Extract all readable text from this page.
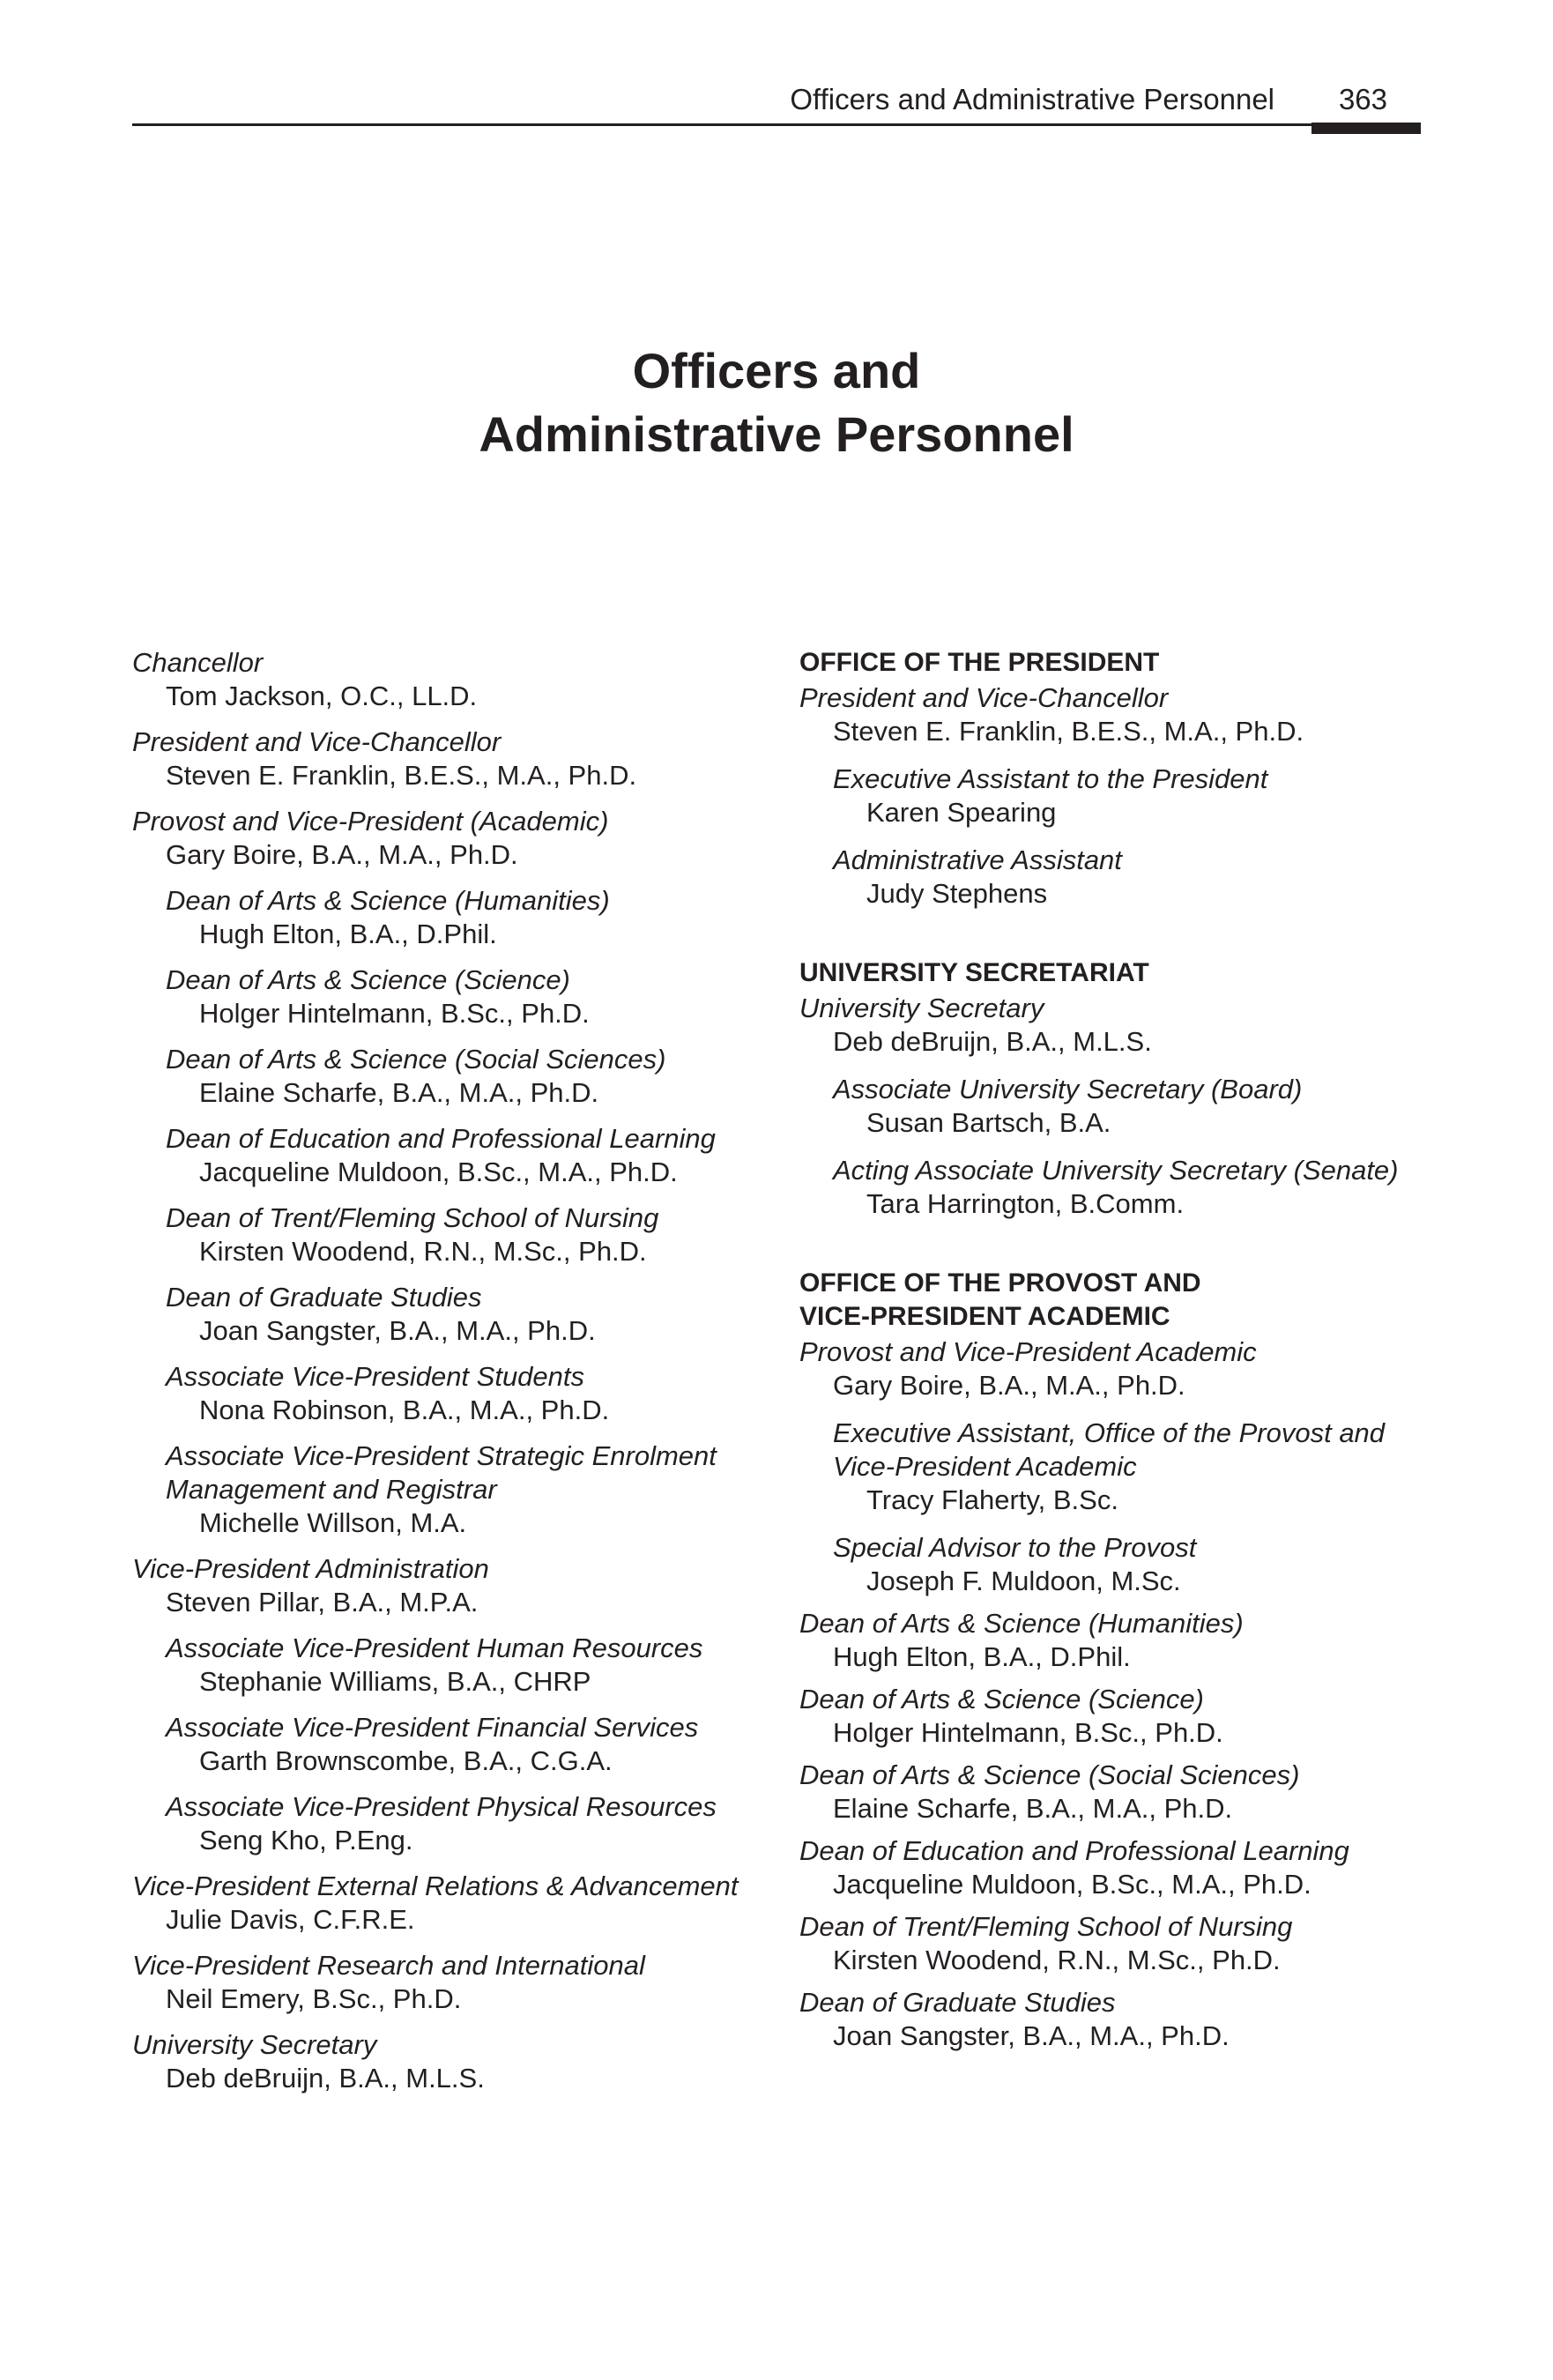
Officers and Administrative Personnel 363
Officers and
Administrative Personnel
Chancellor
Tom Jackson, O.C., LL.D.
President and Vice-Chancellor
Steven E. Franklin, B.E.S., M.A., Ph.D.
Provost and Vice-President (Academic)
Gary Boire, B.A., M.A., Ph.D.
Dean of Arts & Science (Humanities)
Hugh Elton, B.A., D.Phil.
Dean of Arts & Science (Science)
Holger Hintelmann, B.Sc., Ph.D.
Dean of Arts & Science (Social Sciences)
Elaine Scharfe, B.A., M.A., Ph.D.
Dean of Education and Professional Learning
Jacqueline Muldoon, B.Sc., M.A., Ph.D.
Dean of Trent/Fleming School of Nursing
Kirsten Woodend, R.N., M.Sc., Ph.D.
Dean of Graduate Studies
Joan Sangster, B.A., M.A., Ph.D.
Associate Vice-President Students
Nona Robinson, B.A., M.A., Ph.D.
Associate Vice-President Strategic Enrolment
Management and Registrar
Michelle Willson, M.A.
Vice-President Administration
Steven Pillar, B.A., M.P.A.
Associate Vice-President Human Resources
Stephanie Williams, B.A., CHRP
Associate Vice-President Financial Services
Garth Brownscombe, B.A., C.G.A.
Associate Vice-President Physical Resources
Seng Kho, P.Eng.
Vice-President External Relations & Advancement
Julie Davis, C.F.R.E.
Vice-President Research and International
Neil Emery, B.Sc., Ph.D.
University Secretary
Deb deBruijn, B.A., M.L.S.
OFFICE OF THE PRESIDENT
President and Vice-Chancellor
Steven E. Franklin, B.E.S., M.A., Ph.D.
Executive Assistant to the President
Karen Spearing
Administrative Assistant
Judy Stephens
UNIVERSITY SECRETARIAT
University Secretary
Deb deBruijn, B.A., M.L.S.
Associate University Secretary (Board)
Susan Bartsch, B.A.
Acting Associate University Secretary (Senate)
Tara Harrington, B.Comm.
OFFICE OF THE PROVOST AND
VICE-PRESIDENT ACADEMIC
Provost and Vice-President Academic
Gary Boire, B.A., M.A., Ph.D.
Executive Assistant, Office of the Provost and
Vice-President Academic
Tracy Flaherty, B.Sc.
Special Advisor to the Provost
Joseph F. Muldoon, M.Sc.
Dean of Arts & Science (Humanities)
Hugh Elton, B.A., D.Phil.
Dean of Arts & Science (Science)
Holger Hintelmann, B.Sc., Ph.D.
Dean of Arts & Science (Social Sciences)
Elaine Scharfe, B.A., M.A., Ph.D.
Dean of Education and Professional Learning
Jacqueline Muldoon, B.Sc., M.A., Ph.D.
Dean of Trent/Fleming School of Nursing
Kirsten Woodend, R.N., M.Sc., Ph.D.
Dean of Graduate Studies
Joan Sangster, B.A., M.A., Ph.D.
